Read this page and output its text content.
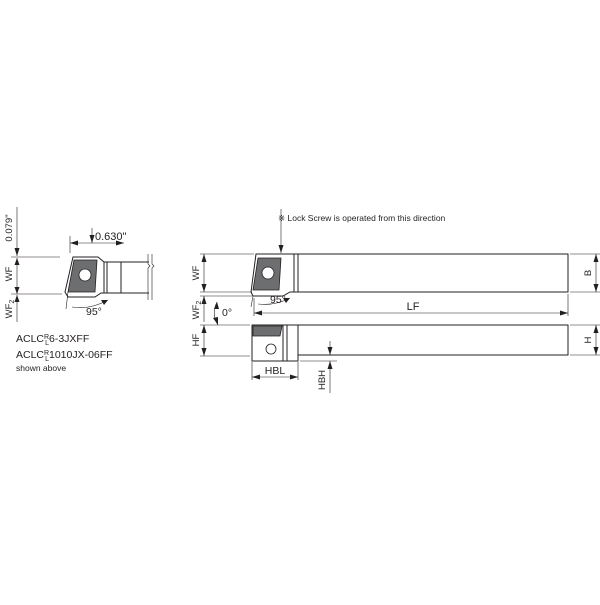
0.079"
WF
$WF_2$
0.630"
95°
$ACLC^R$ L6-3JXFF
$ACLC^R$ L1010JX-06FF
shown above
※ Lock Screw is operated from this direction
B
WF
$WF_2$	95°
0°	LF
H
HF
HBL	HBH
